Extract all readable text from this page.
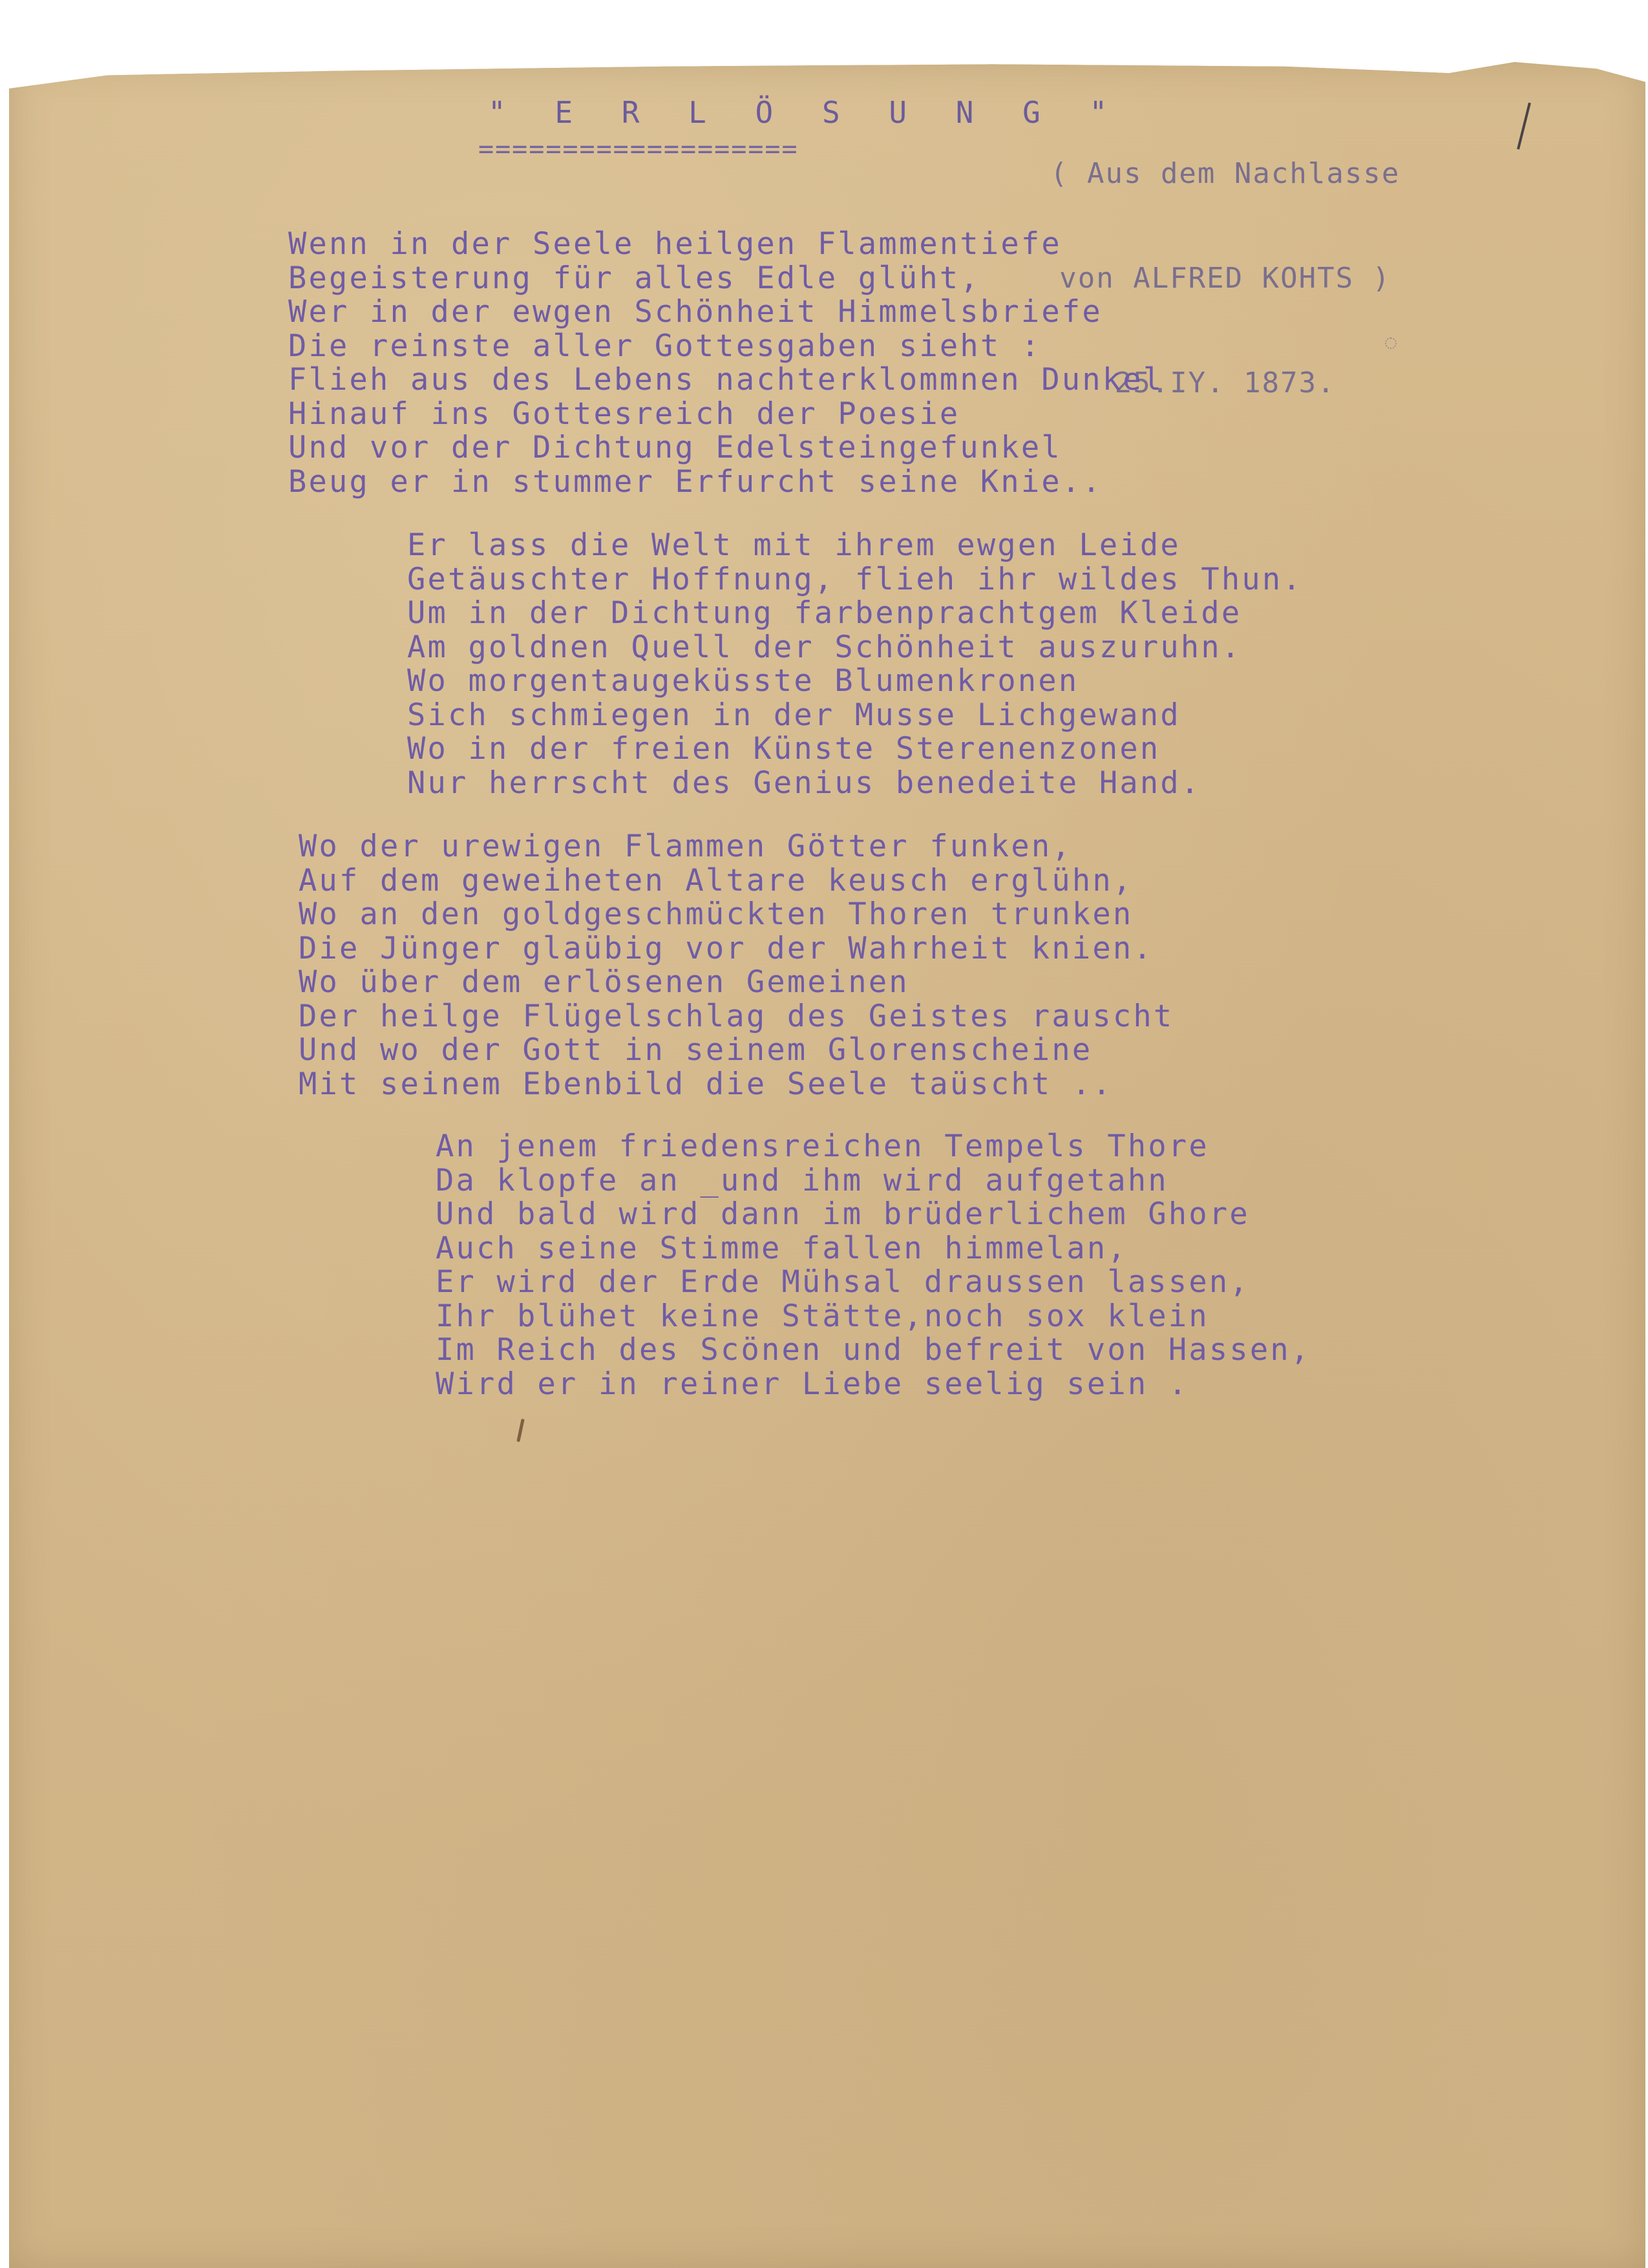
" E R L Ö S U N G "
===================

( Aus dem Nachlasse

von ALFRED KOHTS )

25.IY. 1873.

Wenn in der Seele heilgen Flammentiefe
Begeisterung für alles Edle glüht,
Wer in der ewgen Schönheit Himmelsbriefe
Die reinste aller Gottesgaben sieht :
Flieh aus des Lebens nachterklommnen Dunkel
Hinauf ins Gottesreich der Poesie
Und vor der Dichtung Edelsteingefunkel
Beug er in stummer Erfurcht seine Knie..
Er lass die Welt mit ihrem ewgen Leide
Getäuschter Hoffnung, flieh ihr wildes Thun.
Um in der Dichtung farbenprachtgem Kleide
Am goldnen Quell der Schönheit auszuruhn.
Wo morgentaugeküsste Blumenkronen
Sich schmiegen in der Musse Lichgewand
Wo in der freien Künste Sterenenzonen
Nur herrscht des Genius benedeite Hand.
Wo der urewigen Flammen Götter funken,
Auf dem geweiheten Altare keusch erglühn,
Wo an den goldgeschmückten Thoren trunken
Die Jünger glaübig vor der Wahrheit knien.
Wo über dem erlösenen Gemeinen
Der heilge Flügelschlag des Geistes rauscht
Und wo der Gott in seinem Glorenscheine
Mit seinem Ebenbild die Seele taüscht ..
An jenem friedensreichen Tempels Thore
Da klopfe an _und ihm wird aufgetahn
Und bald wird dann im brüderlichem Ghore
Auch seine Stimme fallen himmelan,
Er wird der Erde Mühsal draussen lassen,
Ihr blühet keine Stätte,noch sox klein
Im Reich des Scönen und befreit von Hassen,
Wird er in reiner Liebe seelig sein .
